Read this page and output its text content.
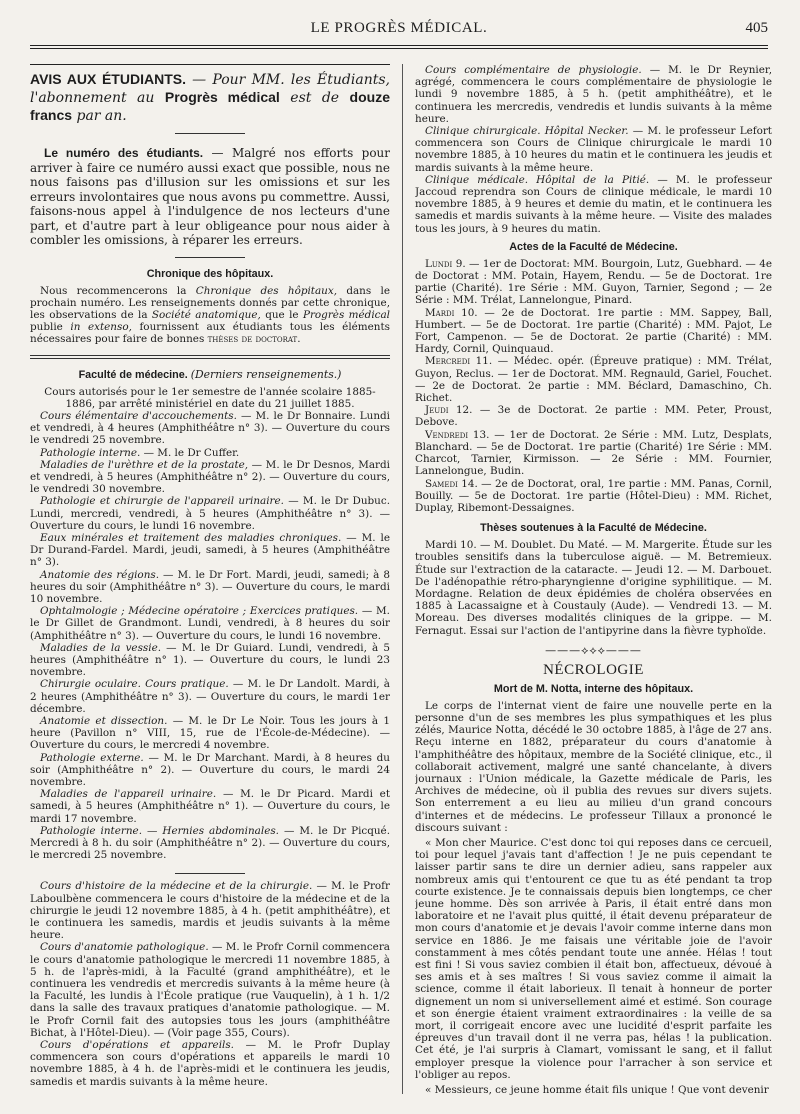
LE PROGRÈS MÉDICAL.	405

AVIS AUX ÉTUDIANTS. — Pour MM. les Étudiants, l'abonnement au Progrès médical est de douze francs par an.

Le numéro des étudiants. — Malgré nos efforts pour arriver à faire ce numéro aussi exact que possible, nous ne nous faisons pas d'illusion sur les omissions et sur les erreurs involontaires que nous avons pu commettre. Aussi, faisons-nous appel à l'indulgence de nos lecteurs d'une part, et d'autre part à leur obligeance pour nous aider à combler les omissions, à réparer les erreurs.

Chronique des hôpitaux.

Nous recommencerons la Chronique des hôpitaux, dans le prochain numéro. Les renseignements donnés par cette chronique, les observations de la Société anatomique, que le Progrès médical publie in extenso, fournissent aux étudiants tous les éléments nécessaires pour faire de bonnes thèses de doctorat.

Faculté de médecine. (Derniers renseignements.)

Cours autorisés pour le 1er semestre de l'année scolaire 1885-1886, par arrêté ministériel en date du 21 juillet 1885.

Cours élémentaire d'accouchements. — M. le Dr Bonnaire. Lundi et vendredi, à 4 heures (Amphithéâtre n° 3). — Ouverture du cours le vendredi 25 novembre.

Pathologie interne. — M. le Dr Cuffer.

Maladies de l'urèthre et de la prostate, — M. le Dr Desnos, Mardi et vendredi, à 5 heures (Amphithéâtre n° 2). — Ouverture du cours, le vendredi 30 novembre.

Pathologie et chirurgie de l'appareil urinaire. — M. le Dr Dubuc. Lundi, mercredi, vendredi, à 5 heures (Amphithéâtre n° 3). — Ouverture du cours, le lundi 16 novembre.

Eaux minérales et traitement des maladies chroniques. — M. le Dr Durand-Fardel. Mardi, jeudi, samedi, à 5 heures (Amphithéâtre n° 3).

Anatomie des régions. — M. le Dr Fort. Mardi, jeudi, samedi; à 8 heures du soir (Amphithéâtre n° 3). — Ouverture du cours, le mardi 10 novembre.

Ophtalmologie ; Médecine opératoire ; Exercices pratiques. — M. le Dr Gillet de Grandmont. Lundi, vendredi, à 8 heures du soir (Amphithéâtre n° 3). — Ouverture du cours, le lundi 16 novembre.

Maladies de la vessie. — M. le Dr Guiard. Lundi, vendredi, à 5 heures (Amphithéâtre n° 1). — Ouverture du cours, le lundi 23 novembre.

Chirurgie oculaire. Cours pratique. — M. le Dr Landolt. Mardi, à 2 heures (Amphithéâtre n° 3). — Ouverture du cours, le mardi 1er décembre.

Anatomie et dissection. — M. le Dr Le Noir. Tous les jours à 1 heure (Pavillon n° VIII, 15, rue de l'École-de-Médecine). — Ouverture du cours, le mercredi 4 novembre.

Pathologie externe. — M. le Dr Marchant. Mardi, à 8 heures du soir (Amphithéâtre n° 2). — Ouverture du cours, le mardi 24 novembre.

Maladies de l'appareil urinaire. — M. le Dr Picard. Mardi et samedi, à 5 heures (Amphithéâtre n° 1). — Ouverture du cours, le mardi 17 novembre.

Pathologie interne. — Hernies abdominales. — M. le Dr Picqué. Mercredi à 8 h. du soir (Amphithéâtre n° 2). — Ouverture du cours, le mercredi 25 novembre.

Cours d'histoire de la médecine et de la chirurgie. — M. le Profr Laboulbène commencera le cours d'histoire de la médecine et de la chirurgie le jeudi 12 novembre 1885, à 4 h. (petit amphithéâtre), et le continuera les samedis, mardis et jeudis suivants à la même heure.

Cours d'anatomie pathologique. — M. le Profr Cornil commencera le cours d'anatomie pathologique le mercredi 11 novembre 1885, à 5 h. de l'après-midi, à la Faculté (grand amphithéâtre), et le continuera les vendredis et mercredis suivants à la même heure (à la Faculté, les lundis à l'École pratique (rue Vauquelin), à 1 h. 1/2 dans la salle des travaux pratiques d'anatomie pathologique. — M. le Profr Cornil fait des autopsies tous les jours (amphithéâtre Bichat, à l'Hôtel-Dieu). — (Voir page 355, Cours).

Cours d'opérations et appareils. — M. le Profr Duplay commencera son cours d'opérations et appareils le mardi 10 novembre 1885, à 4 h. de l'après-midi et le continuera les jeudis, samedis et mardis suivants à la même heure.

Cours complémentaire de physiologie. — M. le Dr Reynier, agrégé, commencera le cours complémentaire de physiologie le lundi 9 novembre 1885, à 5 h. (petit amphithéâtre), et le continuera les mercredis, vendredis et lundis suivants à la même heure.

Clinique chirurgicale. Hôpital Necker. — M. le professeur Lefort commencera son Cours de Clinique chirurgicale le mardi 10 novembre 1885, à 10 heures du matin et le continuera les jeudis et mardis suivants à la même heure.

Clinique médicale. Hôpital de la Pitié. — M. le professeur Jaccoud reprendra son Cours de clinique médicale, le mardi 10 novembre 1885, à 9 heures et demie du matin, et le continuera les samedis et mardis suivants à la même heure. — Visite des malades tous les jours, à 9 heures du matin.

Actes de la Faculté de Médecine.

Lundi 9. — 1er de Doctorat: MM. Bourgoin, Lutz, Guebhard. — 4e de Doctorat : MM. Potain, Hayem, Rendu. — 5e de Doctorat. 1re partie (Charité). 1re Série : MM. Guyon, Tarnier, Segond ; — 2e Série : MM. Trélat, Lannelongue, Pinard.

Mardi 10. — 2e de Doctorat. 1re partie : MM. Sappey, Ball, Humbert. — 5e de Doctorat. 1re partie (Charité) : MM. Pajot, Le Fort, Campenon. — 5e de Doctorat. 2e partie (Charité) : MM. Hardy, Cornil, Quinquaud.

Mercredi 11. — Médec. opér. (Épreuve pratique) : MM. Trélat, Guyon, Reclus. — 1er de Doctorat. MM. Regnauld, Gariel, Fouchet. — 2e de Doctorat. 2e partie : MM. Béclard, Damaschino, Ch. Richet.

Jeudi 12. — 3e de Doctorat. 2e partie : MM. Peter, Proust, Debove.

Vendredi 13. — 1er de Doctorat. 2e Série : MM. Lutz, Desplats, Blanchard. — 5e de Doctorat. 1re partie (Charité) 1re Série : MM. Charcot, Tarnier, Kirmisson. — 2e Série : MM. Fournier, Lannelongue, Budin.

Samedi 14. — 2e de Doctorat, oral, 1re partie : MM. Panas, Cornil, Bouilly. — 5e de Doctorat. 1re partie (Hôtel-Dieu) : MM. Richet, Duplay, Ribemont-Dessaignes.

Thèses soutenues à la Faculté de Médecine.

Mardi 10. — M. Doublet. Du Maté. — M. Margerite. Étude sur les troubles sensitifs dans la tuberculose aiguë. — M. Betremieux. Étude sur l'extraction de la cataracte. — Jeudi 12. — M. Darbouet. De l'adénopathie rétro-pharyngienne d'origine syphilitique. — M. Mordagne. Relation de deux épidémies de choléra observées en 1885 à Lacassaigne et à Coustauly (Aude). — Vendredi 13. — M. Moreau. Des diverses modalités cliniques de la grippe. — M. Fernagut. Essai sur l'action de l'antipyrine dans la fièvre typhoïde.

———⟡⟡⟡———
NÉCROLOGIE
Mort de M. Notta, interne des hôpitaux.

Le corps de l'internat vient de faire une nouvelle perte en la personne d'un de ses membres les plus sympathiques et les plus zélés, Maurice Notta, décédé le 30 octobre 1885, à l'âge de 27 ans. Reçu interne en 1882, préparateur du cours d'anatomie à l'amphithéâtre des hôpitaux, membre de la Société clinique, etc., il collaborait activement, malgré une santé chancelante, à divers journaux : l'Union médicale, la Gazette médicale de Paris, les Archives de médecine, où il publia des revues sur divers sujets. Son enterrement a eu lieu au milieu d'un grand concours d'internes et de médecins. Le professeur Tillaux a prononcé le discours suivant :

« Mon cher Maurice. C'est donc toi qui reposes dans ce cercueil, toi pour lequel j'avais tant d'affection ! Je ne puis cependant te laisser partir sans te dire un dernier adieu, sans rappeler aux nombreux amis qui t'entourent ce que tu as été pendant ta trop courte existence. Je te connaissais depuis bien longtemps, ce cher jeune homme. Dès son arrivée à Paris, il était entré dans mon laboratoire et ne l'avait plus quitté, il était devenu préparateur de mon cours d'anatomie et je devais l'avoir comme interne dans mon service en 1886. Je me faisais une véritable joie de l'avoir constamment à mes côtés pendant toute une année. Hélas ! tout est fini ! Si vous saviez combien il était bon, affectueux, dévoué à ses amis et à ses maîtres ! Si vous saviez comme il aimait la science, comme il était laborieux. Il tenait à honneur de porter dignement un nom si universellement aimé et estimé. Son courage et son énergie étaient vraiment extraordinaires : la veille de sa mort, il corrigeait encore avec une lucidité d'esprit parfaite les épreuves d'un travail dont il ne verra pas, hélas ! la publication. Cet été, je l'ai surpris à Clamart, vomissant le sang, et il fallut employer presque la violence pour l'arracher à son service et l'obliger au repos.

« Messieurs, ce jeune homme était fils unique ! Que vont devenir
